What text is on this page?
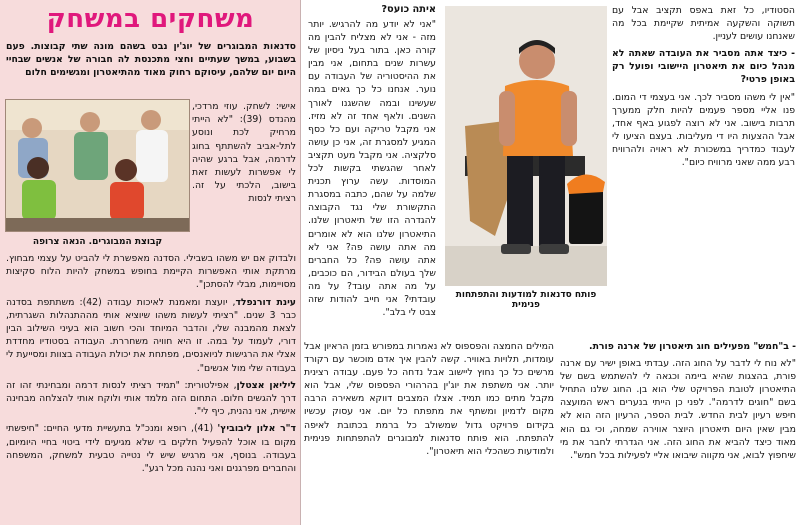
משחקים במשחק
סדנאות המבוגרים של יוג'ין נבט בשהם מונה שתי קבוצות. פעם בשבוע, במשך שעתיים וחצי מתכנסת לה חבורה של אנשים שבחיי היום יום שלהם, עיסוקם רחוק מאוד מהתיאטרון ומגשימים חלום
אישי: לשחק. עוזי מרדכי, מהנדס (39): "לא הייתי מרחיק לכת ונוסע לתל-אביב להשתתף בחוג לדרמה, אבל ברגע שהיה לי אפשרות לעשות זאת בישוב, הלכתי על זה. רציתי לנסות
קבוצת המבוגרים. הנאה צרופה

ולבדוק אם יש משהו בשבילי. הסדנה מאפשרת לי להביט על עצמי מבחוץ. מרתקת אותי האפשרות הקיימת בחופש במשחק להיות הלוח סקיצות מסויימות, מבלי להסתכן".

עינת דורנפלד, יועצת ומאמנת לאיכות עבודה (42): משתתפת בסדנה כבר 3 שנים. "רציתי לעשות משהו שיוציא אותי מההתנהלות השגרתית, לצאת מהמבנה שלי, והדבר המיוחד והכי חשוב הוא בעיני השילוב הבין דורי, לעמוד על במה. זו היא חוויה משחררת. העבודה בסטודיו מחדדת אצלי את הרגישות לניואנסים, מפתחת את יכולת העבודה בצוות ומסייעת לי בעבודה שלי מול אנשים".

ליליאן אצטלן, אפילטורית: "תמיד רציתי לנסות דרמה ומבחינתי זהו זה דרך להגשים חלום. התחום הזה מלמד אותי ולוקח אותי להצלחה מבחינה אישית, אני נהנית, כיף לי".

ד"ר אלון ליבוביץ' (41), רופא ומנכ"ל בתעשיית מדעי החיים: "חיפשתי מקום בו אוכל להפעיל חלקים בי שלא מגיעים לידי ביטוי בחיי היומיום, בעבודה. בנוסף, אני מרגיש שיש לי נטייה טבעית למשחק, המשפחה והחברים מפרגנים ואני נהנה מכל רגע".

איתה כועס?
"אני לא יודע מה להרגיש. יותר מזה - אני לא מצליח להבין מה קורה כאן. בתור בעל ניסיון של עשרות שנים בתחום, אני מבין את ההיסטוריה של העבודה עם נוער. אנחנו כל כך גאים במה שעשינו ובמה שהשגנו לאורך השנים. ולאף אחד זה לא מזיז. אני מקבל טריקה ועם כל כסף המגיע למסגרת זה, אני כן עושה סלקציה. אני מקבל מעט תקציב לאחר שהגשתי בקשות לכל המוסדות. עשה ערוץ תכנית שלמה על שהם, כתבה במסגרת התקשורת שלי נגד הקבוצה להגדרה הזו של תיאטרון שלנו. התיאטרון שלנו הוא לא אומרים מה אתה עושה פה? אני לא אתה עושה פה? כל החברים שלך בעולם הבידור, הם כוכבים, על מה אתה עובד? על מה עובדתי? אני חייב להודות שזה צבט לי בלב".
פותח סדנאות למודעות והתפתחות פנימית

הסטודיו, כל זאת באפס תקציב אבל עם תשוקה והשקעה אמיתית שקיימת בכל מה שאנחנו עושים לעניין.

- כיצד אתה מסביר את העובדה שאתה לא מנהל כיום את תיאטרון היישובי ופועל רק באופן פרטי?

"אין לי משהו מסביר לכך. אני בעצמי די המום. פנו אליי מספר פעמים להיות חלק ממערך תרבות בישוב. אני לא רוצה לפגוע באף אחד, אבל ההצעות היו די מעליבות. בעצם הציעו לי לעבוד כמדריך במשכורת לא ראויה ולהרוויח רבע ממה שאני מרוויח כיום".

המילים החמצה והפספוס לא נאמרות במפורש בזמן הראיון אבל עומדות, תלויות באוויר. קשה להבין איך אדם מוכשר עם רקורד מרשים כל כך נחוץ ליישוב אבל נדחה כל פעם. עבודה רצינית יותר. אני משתפת את יוג'ין בהרהורי הפספוס שלי, אבל הוא מקבל מתים כמו תמיד. אצלו המצבים דווקא משאירה הרבה מקום לדמיון ומשתף את מתפתח כל יום. אני עסוק עכשיו בקידום פרויקט גדול שמשולב כל ברמת בכתובת לאיפה להתפתח. הוא פותח סדנאות למבוגרים להתפתחות פנימית ולמודעות כשהכלי הוא תיאטרון".

- ב"חמש" מפעילים חוג תיאטרון של ארנה פורת.

"לא נוח לי לדבר על החוג הזה. עבדתי באופן ישיר עם ארנה פורת, בהצגות שהיא ביימה וכגאה לי להשתמש בשם של התיאטרון לטובת הפרויקט שלי הוא בן. החוג שלנו התחיל בשם "חוגים לדרמה". לפני כן הייתי בנערים ראש המועצה חיפש רעיון לבית החדש. לבית הספר, הרעיון הזה הוא לא מבין שאין היום תיאטרון היוצר אווירה שמחה, וכי גם הוא מאוד כיצד להביא את החוג הזה. אני הגדרתי לחבר את מי שיחפוץ לבוא, אני מקווה שיבואו אליי לפעילות בכל חמש".
